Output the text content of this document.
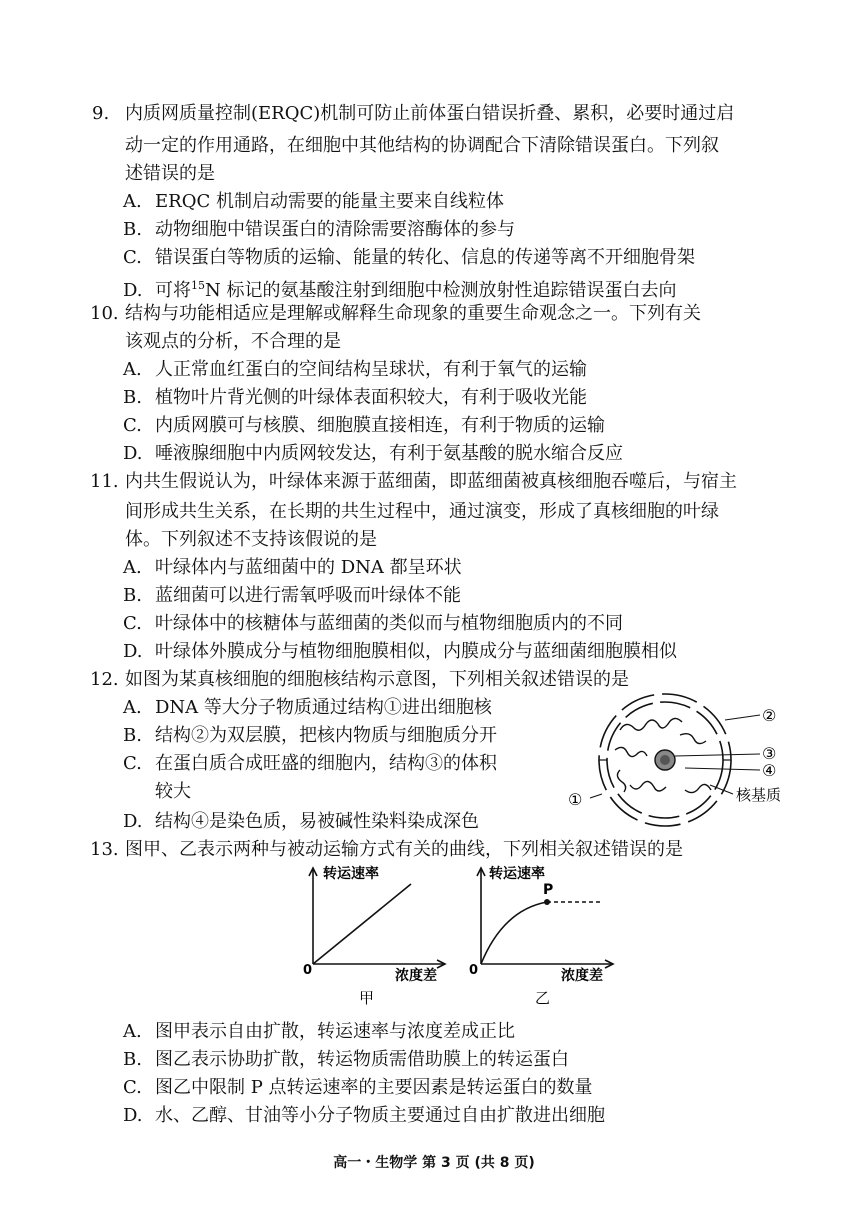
9. 内质网质量控制(ERQC)机制可防止前体蛋白错误折叠、累积，必要时通过启
动一定的作用通路，在细胞中其他结构的协调配合下清除错误蛋白。下列叙
述错误的是
A. ERQC 机制启动需要的能量主要来自线粒体
B. 动物细胞中错误蛋白的清除需要溶酶体的参与
C. 错误蛋白等物质的运输、能量的转化、信息的传递等离不开细胞骨架
D. 可将$^{15}$N 标记的氨基酸注射到细胞中检测放射性追踪错误蛋白去向
10. 结构与功能相适应是理解或解释生命现象的重要生命观念之一。下列有关
该观点的分析，不合理的是
A. 人正常血红蛋白的空间结构呈球状，有利于氧气的运输
B. 植物叶片背光侧的叶绿体表面积较大，有利于吸收光能
C. 内质网膜可与核膜、细胞膜直接相连，有利于物质的运输
D. 唾液腺细胞中内质网较发达，有利于氨基酸的脱水缩合反应
11. 内共生假说认为，叶绿体来源于蓝细菌，即蓝细菌被真核细胞吞噬后，与宿主
间形成共生关系，在长期的共生过程中，通过演变，形成了真核细胞的叶绿
体。下列叙述不支持该假说的是
A. 叶绿体内与蓝细菌中的 DNA 都呈环状
B. 蓝细菌可以进行需氧呼吸而叶绿体不能
C. 叶绿体中的核糖体与蓝细菌的类似而与植物细胞质内的不同
D. 叶绿体外膜成分与植物细胞膜相似，内膜成分与蓝细菌细胞膜相似
12. 如图为某真核细胞的细胞核结构示意图，下列相关叙述错误的是
A. DNA 等大分子物质通过结构①进出细胞核
B. 结构②为双层膜，把核内物质与细胞质分开
C. 在蛋白质合成旺盛的细胞内，结构③的体积
较大
D. 结构④是染色质，易被碱性染料染成深色
②
③
④
核基质
①
13. 图甲、乙表示两种与被动运输方式有关的曲线，下列相关叙述错误的是
转运速率
0	浓度差
甲
P
转运速率
0	浓度差
乙
A. 图甲表示自由扩散，转运速率与浓度差成正比
B. 图乙表示协助扩散，转运物质需借助膜上的转运蛋白
C. 图乙中限制 P 点转运速率的主要因素是转运蛋白的数量
D. 水、乙醇、甘油等小分子物质主要通过自由扩散进出细胞
高一・生物学 第 3 页 (共 8 页)
